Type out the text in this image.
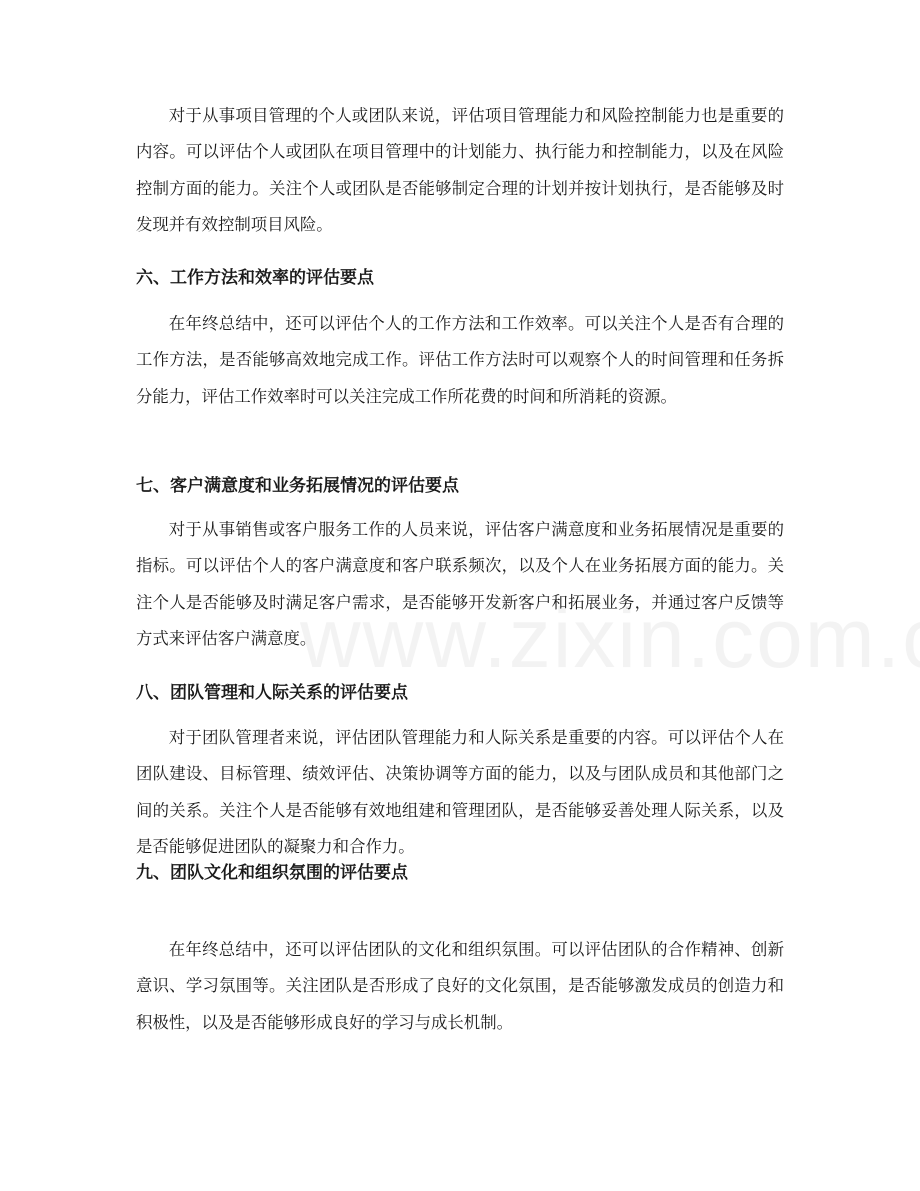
对于从事项目管理的个人或团队来说，评估项目管理能力和风险控制能力也是重要的内容。可以评估个人或团队在项目管理中的计划能力、执行能力和控制能力，以及在风险控制方面的能力。关注个人或团队是否能够制定合理的计划并按计划执行，是否能够及时发现并有效控制项目风险。

六、工作方法和效率的评估要点

在年终总结中，还可以评估个人的工作方法和工作效率。可以关注个人是否有合理的工作方法，是否能够高效地完成工作。评估工作方法时可以观察个人的时间管理和任务拆分能力，评估工作效率时可以关注完成工作所花费的时间和所消耗的资源。

七、客户满意度和业务拓展情况的评估要点

对于从事销售或客户服务工作的人员来说，评估客户满意度和业务拓展情况是重要的指标。可以评估个人的客户满意度和客户联系频次，以及个人在业务拓展方面的能力。关注个人是否能够及时满足客户需求，是否能够开发新客户和拓展业务，并通过客户反馈等方式来评估客户满意度。

八、团队管理和人际关系的评估要点

对于团队管理者来说，评估团队管理能力和人际关系是重要的内容。可以评估个人在团队建设、目标管理、绩效评估、决策协调等方面的能力，以及与团队成员和其他部门之间的关系。关注个人是否能够有效地组建和管理团队，是否能够妥善处理人际关系，以及是否能够促进团队的凝聚力和合作力。

九、团队文化和组织氛围的评估要点

在年终总结中，还可以评估团队的文化和组织氛围。可以评估团队的合作精神、创新意识、学习氛围等。关注团队是否形成了良好的文化氛围，是否能够激发成员的创造力和积极性，以及是否能够形成良好的学习与成长机制。
